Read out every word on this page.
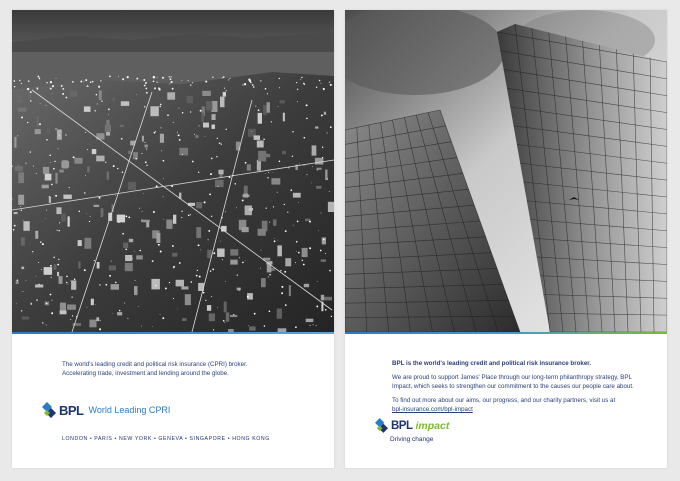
The world's leading credit and political risk insurance (CPRI) broker.
Accelerating trade, investment and lending around the globe.
BPL World Leading CPRI
LONDON • PARIS • NEW YORK • GENEVA • SINGAPORE • HONG KONG
BPL is the world's leading credit and political risk insurance broker.
We are proud to support James' Place through our long-term philanthropy strategy, BPL Impact, which seeks to strengthen our commitment to the causes our people care about.
To find out more about our aims, our progress, and our charity partners, visit us at
bpl-insurance.com/bpl-impact
BPL impact
Driving change
